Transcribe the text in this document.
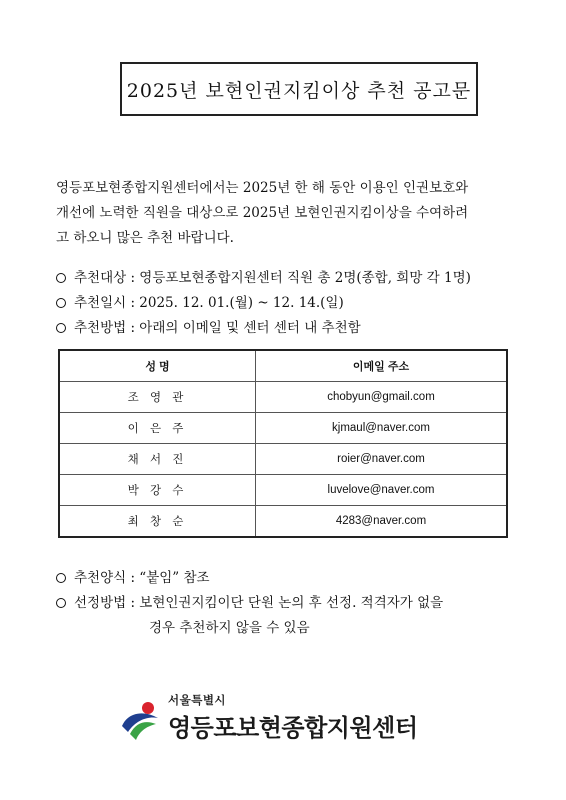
2025년 보현인권지킴이상 추천 공고문
영등포보현종합지원센터에서는 2025년 한 해 동안 이용인 인권보호와
개선에 노력한 직원을 대상으로 2025년 보현인권지킴이상을 수여하려
고 하오니 많은 추천 바랍니다.
추천대상 : 영등포보현종합지원센터 직원 총 2명(종합, 희망 각 1명)
추천일시 : 2025. 12. 01.(월) ~ 12. 14.(일)
추천방법 : 아래의 이메일 및 센터 센터 내 추천함
성 명	이메일 주소
조 영 관	chobyun@gmail.com
이 은 주	kjmaul@naver.com
채 서 진	roier@naver.com
박 강 수	luvelove@naver.com
최 창 순	4283@naver.com
추천양식 : “붙임” 참조
선정방법 : 보현인권지킴이단 단원 논의 후 선정. 적격자가 없을
경우 추천하지 않을 수 있음
서울특별시
영등포보현종합지원센터
